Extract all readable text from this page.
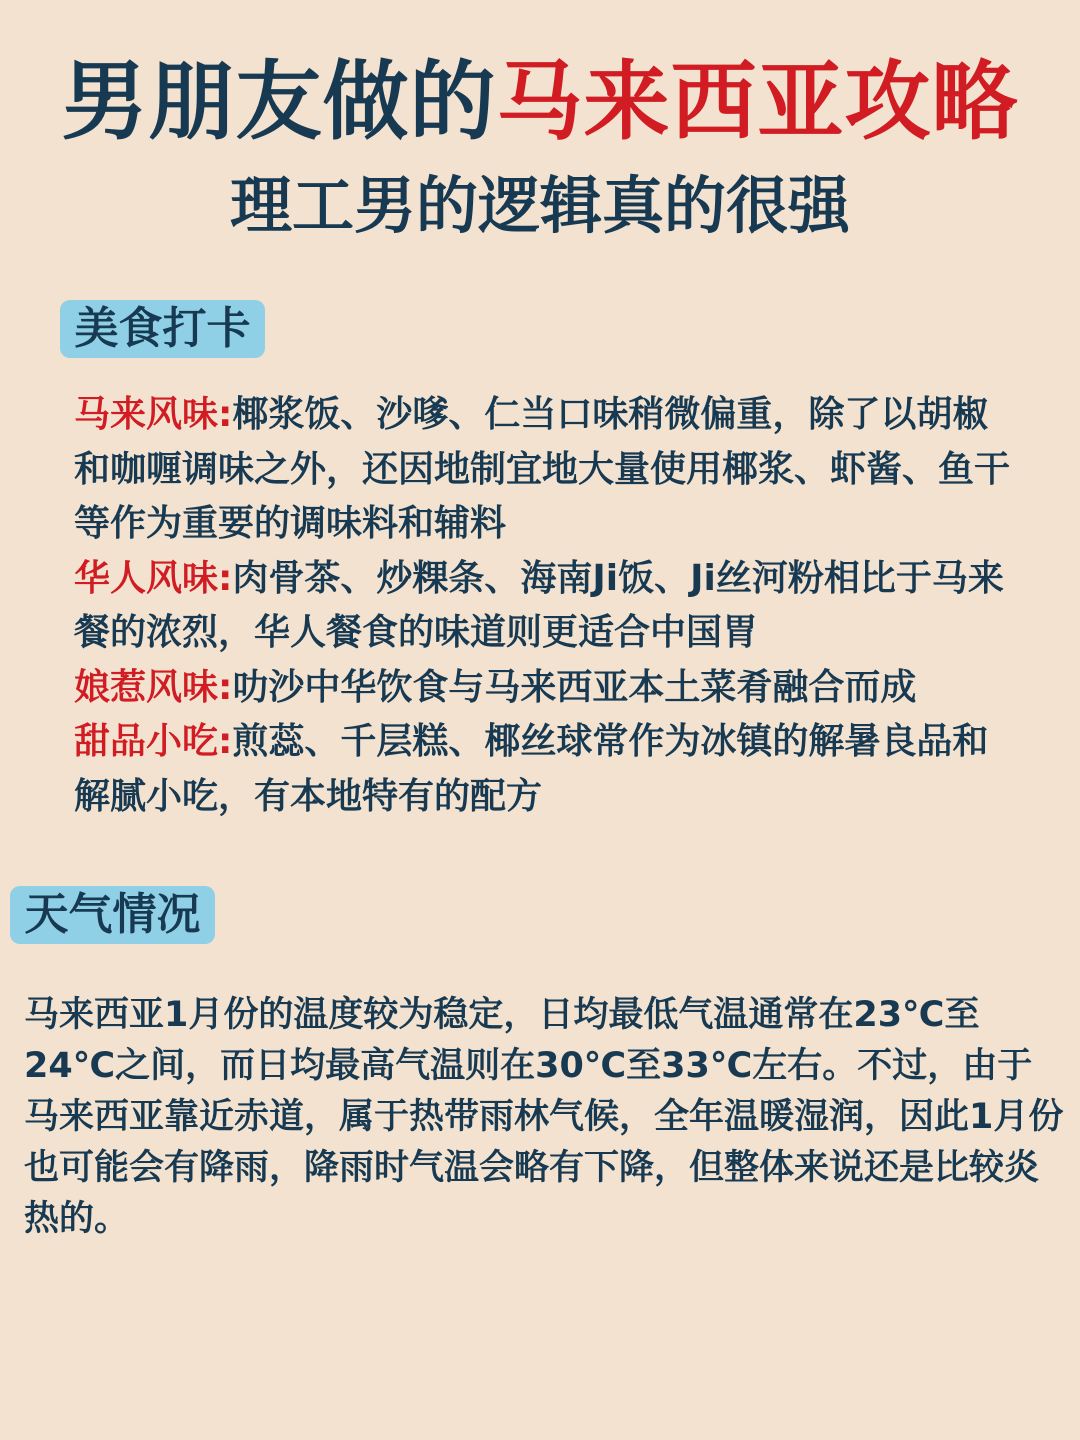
男朋友做的马来西亚攻略
理工男的逻辑真的很强
美食打卡
马来风味:椰浆饭、沙嗲、仁当口味稍微偏重，除了以胡椒和咖喱调味之外，还因地制宜地大量使用椰浆、虾酱、鱼干等作为重要的调味料和辅料
华人风味:肉骨茶、炒粿条、海南Ji饭、Ji丝河粉相比于马来餐的浓烈，华人餐食的味道则更适合中国胃
娘惹风味:叻沙中华饮食与马来西亚本土菜肴融合而成
甜品小吃:煎蕊、千层糕、椰丝球常作为冰镇的解暑良品和解腻小吃，有本地特有的配方
天气情况

马来西亚1月份的温度较为稳定，日均最低气温通常在23℃至24℃之间，而日均最高气温则在30℃至33℃左右。不过，由于马来西亚靠近赤道，属于热带雨林气候，全年温暖湿润，因此1月份也可能会有降雨，降雨时气温会略有下降，但整体来说还是比较炎热的。
